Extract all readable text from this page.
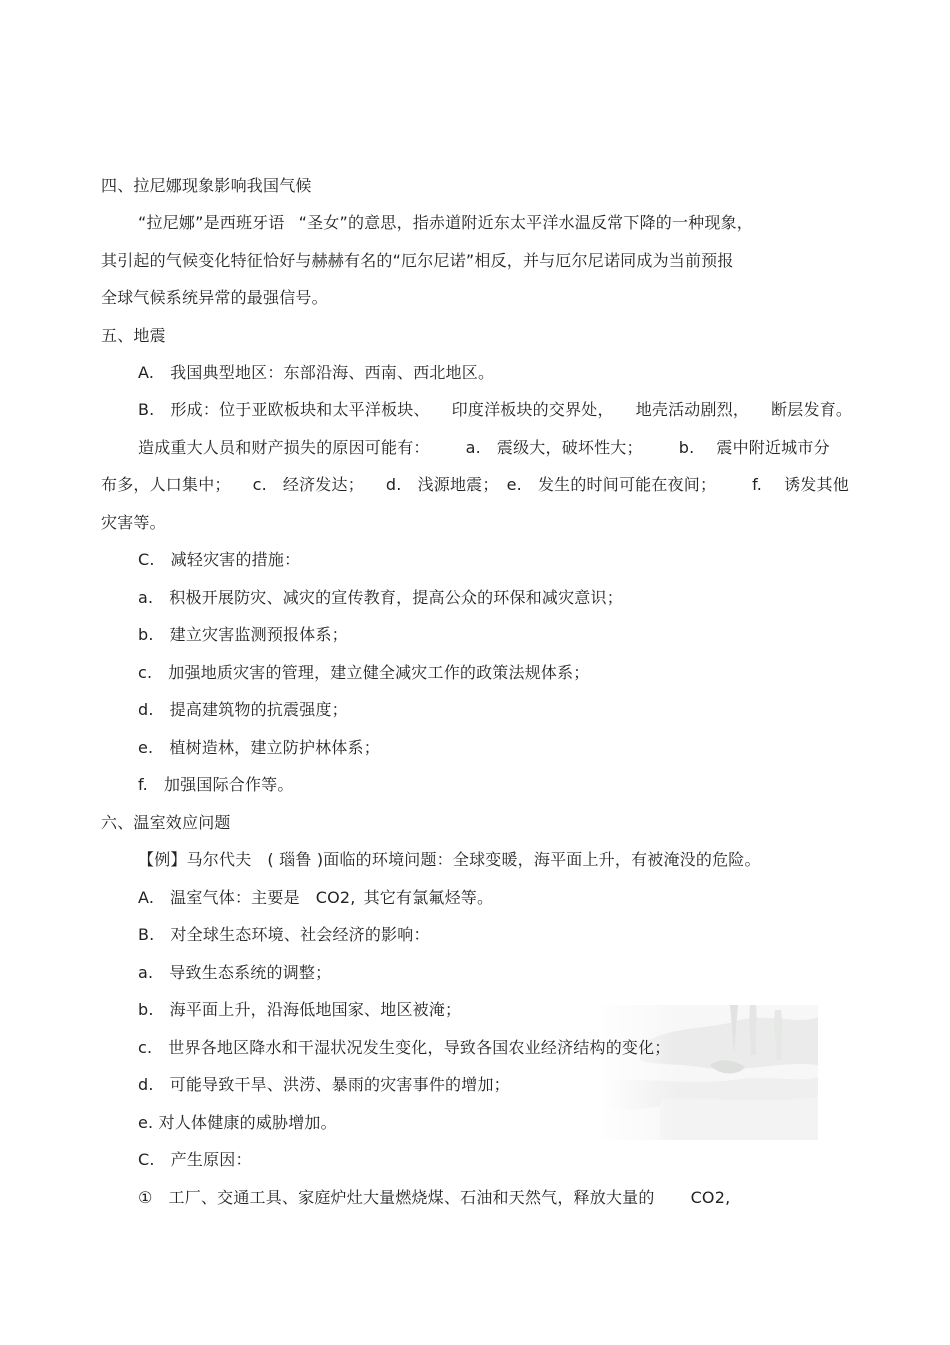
四、拉尼娜现象影响我国气候
“拉尼娜”是西班牙语 “圣女”的意思，指赤道附近东太平洋水温反常下降的一种现象，
其引起的气候变化特征恰好与赫赫有名的“厄尔尼诺”相反，并与厄尔尼诺同成为当前预报
全球气候系统异常的最强信号。
五、地震
A. 我国典型地区：东部沿海、西南、西北地区。
B. 形成：位于亚欧板块和太平洋板块、 印度洋板块的交界处， 地壳活动剧烈， 断层发育。
造成重大人员和财产损失的原因可能有： a. 震级大，破坏性大； b. 震中附近城市分
布多，人口集中； c. 经济发达； d. 浅源地震； e. 发生的时间可能在夜间； f. 诱发其他
灾害等。
C. 减轻灾害的措施：
a. 积极开展防灾、减灾的宣传教育，提高公众的环保和减灾意识；
b. 建立灾害监测预报体系；
c. 加强地质灾害的管理，建立健全减灾工作的政策法规体系；
d. 提高建筑物的抗震强度；
e. 植树造林，建立防护林体系；
f. 加强国际合作等。
六、温室效应问题
【例】马尔代夫 ( 瑙鲁 )面临的环境问题：全球变暖，海平面上升，有被淹没的危险。
A. 温室气体：主要是 CO2, 其它有氯氟烃等。
B. 对全球生态环境、社会经济的影响：
a. 导致生态系统的调整；
b. 海平面上升，沿海低地国家、地区被淹；
c. 世界各地区降水和干湿状况发生变化，导致各国农业经济结构的变化；
d. 可能导致干旱、洪涝、暴雨的灾害事件的增加；
e. 对人体健康的威胁增加。
C. 产生原因：
① 工厂、交通工具、家庭炉灶大量燃烧煤、石油和天然气，释放大量的 CO2,
